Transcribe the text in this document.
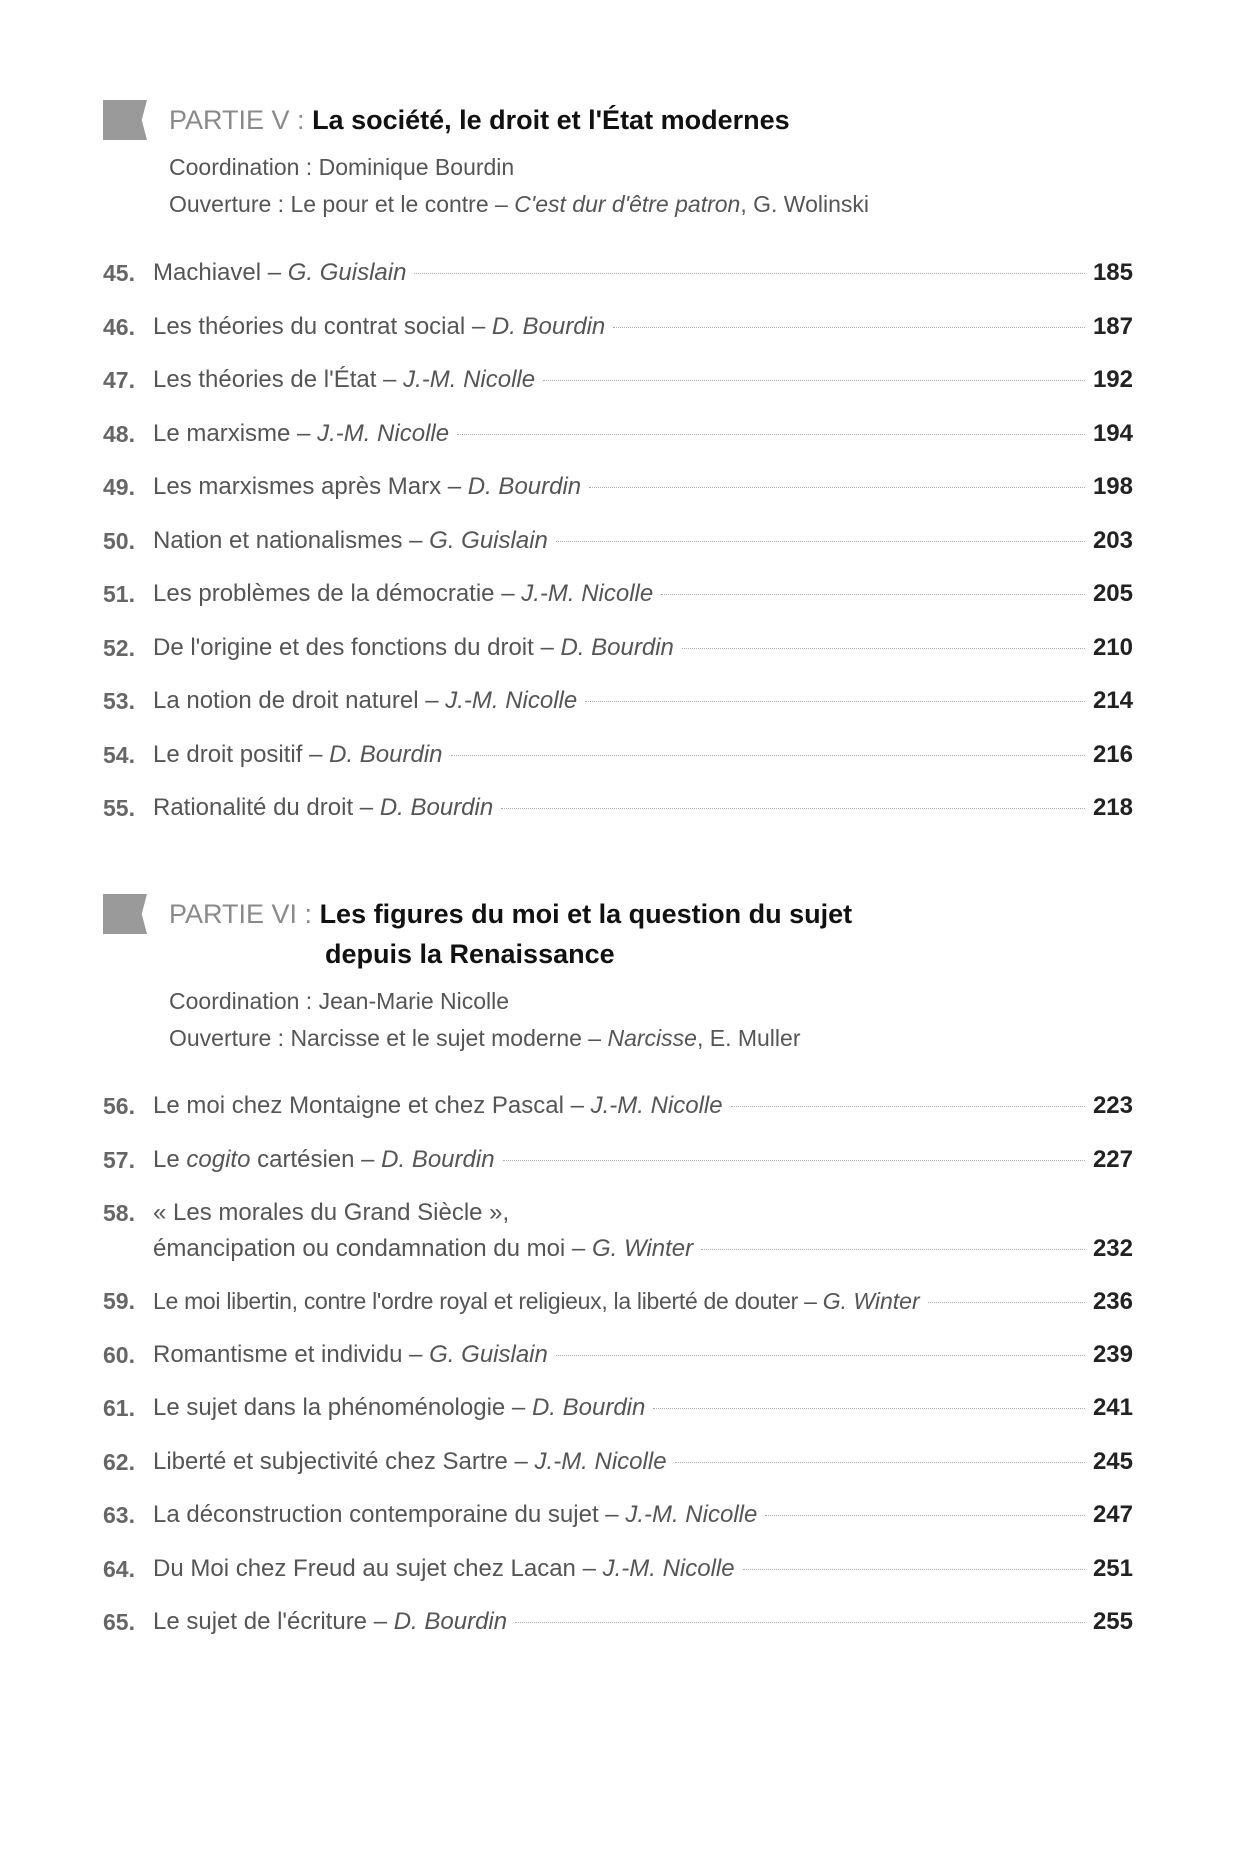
PARTIE V : La société, le droit et l'État modernes
Coordination : Dominique Bourdin
Ouverture : Le pour et le contre – C'est dur d'être patron, G. Wolinski
45. Machiavel – G. Guislain	185
46. Les théories du contrat social – D. Bourdin	187
47. Les théories de l'État – J.-M. Nicolle	192
48. Le marxisme – J.-M. Nicolle	194
49. Les marxismes après Marx – D. Bourdin	198
50. Nation et nationalismes – G. Guislain	203
51. Les problèmes de la démocratie – J.-M. Nicolle	205
52. De l'origine et des fonctions du droit – D. Bourdin	210
53. La notion de droit naturel – J.-M. Nicolle	214
54. Le droit positif – D. Bourdin	216
55. Rationalité du droit – D. Bourdin	218
PARTIE VI : Les figures du moi et la question du sujet
depuis la Renaissance
Coordination : Jean-Marie Nicolle
Ouverture : Narcisse et le sujet moderne – Narcisse, E. Muller
56. Le moi chez Montaigne et chez Pascal – J.-M. Nicolle	223
57. Le cogito cartésien – D. Bourdin	227
58. « Les morales du Grand Siècle »,
émancipation ou condamnation du moi – G. Winter	232
59. Le moi libertin, contre l'ordre royal et religieux, la liberté de douter – G. Winter	236
60. Romantisme et individu – G. Guislain	239
61. Le sujet dans la phénoménologie – D. Bourdin	241
62. Liberté et subjectivité chez Sartre – J.-M. Nicolle	245
63. La déconstruction contemporaine du sujet – J.-M. Nicolle	247
64. Du Moi chez Freud au sujet chez Lacan – J.-M. Nicolle	251
65. Le sujet de l'écriture – D. Bourdin	255
